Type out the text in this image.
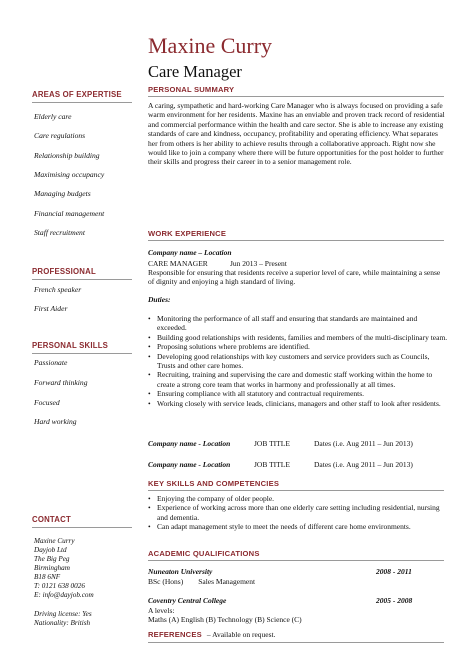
Maxine Curry
Care Manager
AREAS OF EXPERTISE
Elderly care
Care regulations
Relationship building
Maximising occupancy
Managing budgets
Financial management
Staff recruitment
PROFESSIONAL
French speaker
First Aider
PERSONAL SKILLS
Passionate
Forward thinking
Focused
Hard working
CONTACT
Maxine Curry
Dayjob Ltd
The Big Peg
Birmingham
B18 6NF
T: 0121 638 0026
E: info@dayjob.com
Driving license: Yes
Nationality: British
PERSONAL SUMMARY
A caring, sympathetic and hard-working Care Manager who is always focused on providing a safe warm environment for her residents. Maxine has an enviable and proven track record of residential and commercial performance within the health and care sector. She is able to increase any existing standards of care and kindness, occupancy, profitability and operating efficiency. What separates her from others is her ability to achieve results through a collaborative approach. Right now she would like to join a company where there will be future opportunities for the post holder to further their skills and progress their career in to a senior management role.
WORK EXPERIENCE
Company name – Location
CARE MANAGER	Jun 2013 – Present
Responsible for ensuring that residents receive a superior level of care, while maintaining a sense of dignity and enjoying a high standard of living.
Duties:
• Monitoring the performance of all staff and ensuring that standards are maintained and exceeded.
• Building good relationships with residents, families and members of the multi-disciplinary team.
• Proposing solutions where problems are identified.
• Developing good relationships with key customers and service providers such as Councils, Trusts and other care homes.
• Recruiting, training and supervising the care and domestic staff working within the home to create a strong core team that works in harmony and professionally at all times.
• Ensuring compliance with all statutory and contractual requirements.
• Working closely with service leads, clinicians, managers and other staff to look after residents.
Company name - Location	JOB TITLE	Dates (i.e. Aug 2011 – Jun 2013)
Company name - Location	JOB TITLE	Dates (i.e. Aug 2011 – Jun 2013)
KEY SKILLS AND COMPETENCIES
• Enjoying the company of older people.
• Experience of working across more than one elderly care setting including residential, nursing and dementia.
• Can adapt management style to meet the needs of different care home environments.
ACADEMIC QUALIFICATIONS
Nuneaton University	2008 - 2011
BSc (Hons)        Sales Management
Coventry Central College	2005 - 2008
A levels:
Maths (A) English (B) Technology (B) Science (C)
REFERENCES – Available on request.
